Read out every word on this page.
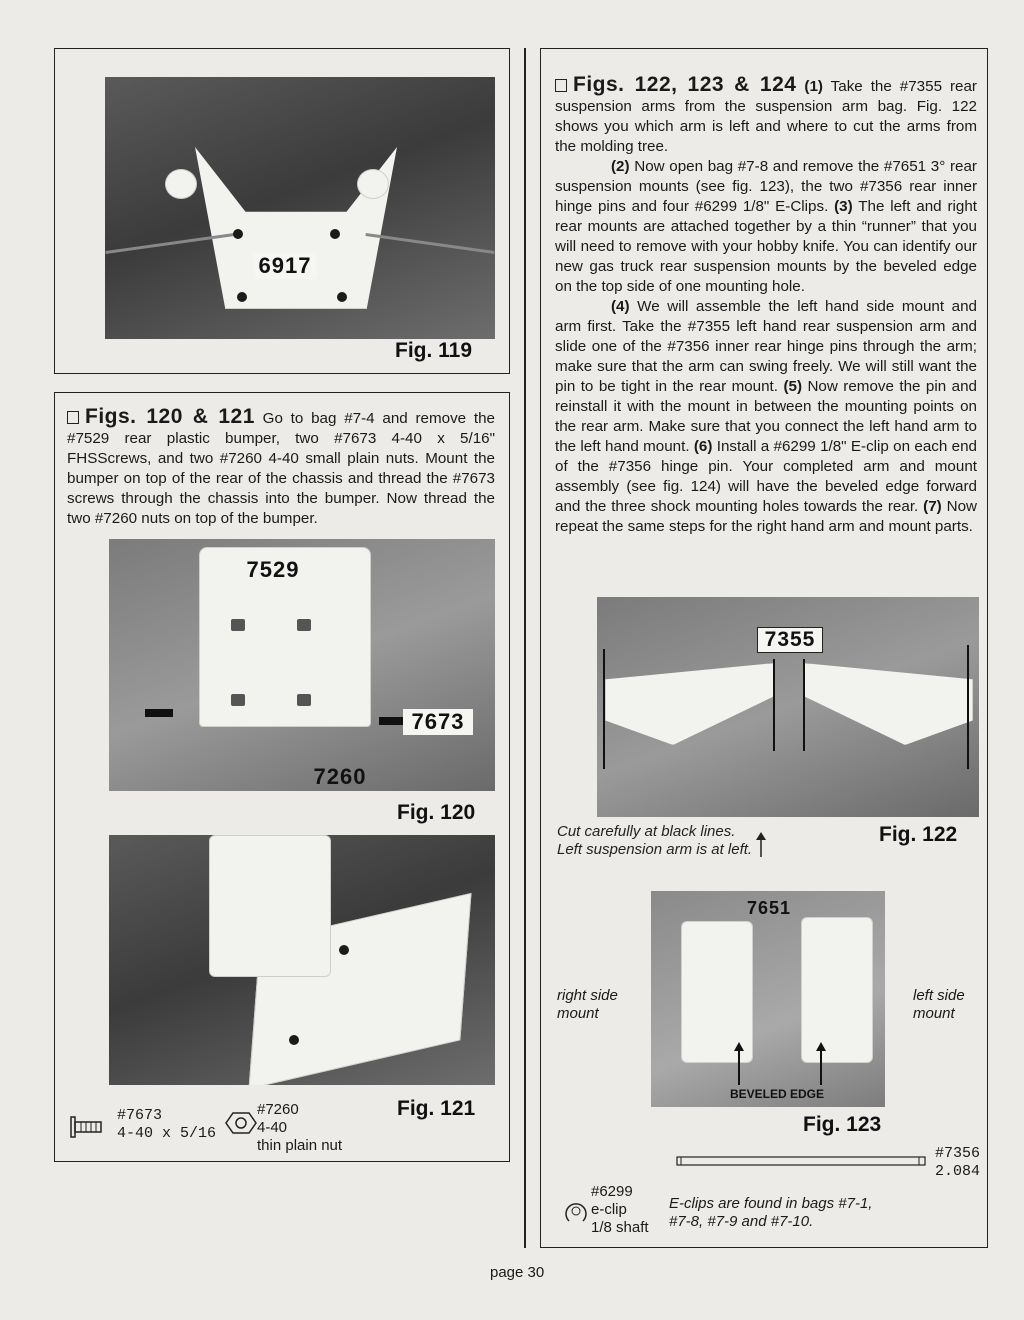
6917
Fig. 119
Figs. 120 & 121 Go to bag #7-4 and remove the #7529 rear plastic bumper, two #7673 4-40 x 5/16" FHSScrews, and two #7260 4-40 small plain nuts. Mount the bumper on top of the rear of the chassis and thread the #7673 screws through the chassis into the bumper. Now thread the two #7260 nuts on top of the bumper.
7529
7673
7260
Fig. 120
Fig. 121
#7673
4-40 x 5/16
#7260
4-40
thin plain nut

Figs. 122, 123 & 124 (1) Take the #7355 rear suspension arms from the suspension arm bag. Fig. 122 shows you which arm is left and where to cut the arms from the molding tree.

(2) Now open bag #7-8 and remove the #7651 3° rear suspension mounts (see fig. 123), the two #7356 rear inner hinge pins and four #6299 1/8" E-Clips. (3) The left and right rear mounts are attached together by a thin “runner” that you will need to remove with your hobby knife. You can identify our new gas truck rear suspension mounts by the beveled edge on the top side of one mounting hole.

(4) We will assemble the left hand side mount and arm first. Take the #7355 left hand rear suspension arm and slide one of the #7356 inner rear hinge pins through the arm; make sure that the arm can swing freely. We will still want the pin to be tight in the rear mount. (5) Now remove the pin and reinstall it with the mount in between the mounting points on the rear arm. Make sure that you connect the left hand arm to the left hand mount. (6) Install a #6299 1/8" E-clip on each end of the #7356 hinge pin. Your completed arm and mount assembly (see fig. 124) will have the beveled edge forward and the three shock mounting holes towards the rear. (7) Now repeat the same steps for the right hand arm and mount parts.

7355
Cut carefully at black lines.
Left suspension arm is at left.
Fig. 122
7651
BEVELED EDGE
right side
mount
left side
mount
Fig. 123
#7356
2.084
#6299
e-clip
1/8 shaft
E-clips are found in bags #7-1,
#7-8, #7-9 and #7-10.
page 30
